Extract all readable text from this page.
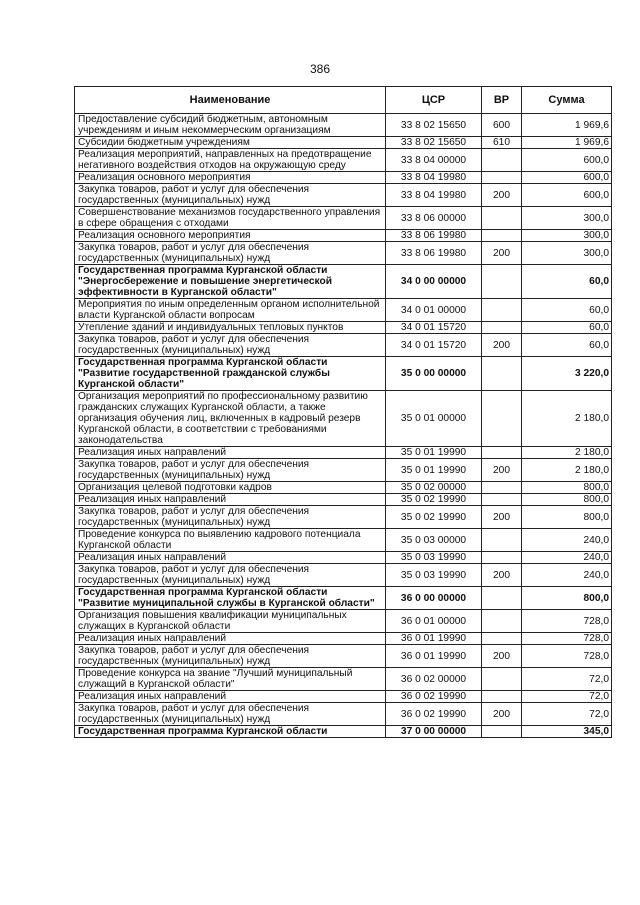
386
Наименование	ЦСР	ВР	Сумма
Предоставление субсидий бюджетным, автономным учреждениям и иным некоммерческим организациям	33 8 02 15650	600	1 969,6
Субсидии бюджетным учреждениям	33 8 02 15650	610	1 969,6
Реализация мероприятий, направленных на предотвращение негативного воздействия отходов на окружающую среду	33 8 04 00000		600,0
Реализация основного мероприятия	33 8 04 19980		600,0
Закупка товаров, работ и услуг для обеспечения государственных (муниципальных) нужд	33 8 04 19980	200	600,0
Совершенствование механизмов государственного управления в сфере обращения с отходами	33 8 06 00000		300,0
Реализация основного мероприятия	33 8 06 19980		300,0
Закупка товаров, работ и услуг для обеспечения государственных (муниципальных) нужд	33 8 06 19980	200	300,0
Государственная программа Курганской области "Энергосбережение и повышение энергетической эффективности в Курганской области"	34 0 00 00000		60,0
Мероприятия по иным определенным органом исполнительной власти Курганской области вопросам	34 0 01 00000		60,0
Утепление зданий и индивидуальных тепловых пунктов	34 0 01 15720		60,0
Закупка товаров, работ и услуг для обеспечения государственных (муниципальных) нужд	34 0 01 15720	200	60,0
Государственная программа Курганской области "Развитие государственной гражданской службы Курганской области"	35 0 00 00000		3 220,0
Организация мероприятий по профессиональному развитию гражданских служащих Курганской области, а также организация обучения лиц, включенных в кадровый резерв Курганской области, в соответствии с требованиями законодательства	35 0 01 00000		2 180,0
Реализация иных направлений	35 0 01 19990		2 180,0
Закупка товаров, работ и услуг для обеспечения государственных (муниципальных) нужд	35 0 01 19990	200	2 180,0
Организация целевой подготовки кадров	35 0 02 00000		800,0
Реализация иных направлений	35 0 02 19990		800,0
Закупка товаров, работ и услуг для обеспечения государственных (муниципальных) нужд	35 0 02 19990	200	800,0
Проведение конкурса по выявлению кадрового потенциала Курганской области	35 0 03 00000		240,0
Реализация иных направлений	35 0 03 19990		240,0
Закупка товаров, работ и услуг для обеспечения государственных (муниципальных) нужд	35 0 03 19990	200	240,0
Государственная программа Курганской области "Развитие муниципальной службы в Курганской области"	36 0 00 00000		800,0
Организация повышения квалификации муниципальных служащих в Курганской области	36 0 01 00000		728,0
Реализация иных направлений	36 0 01 19990		728,0
Закупка товаров, работ и услуг для обеспечения государственных (муниципальных) нужд	36 0 01 19990	200	728,0
Проведение конкурса на звание "Лучший муниципальный служащий в Курганской области"	36 0 02 00000		72,0
Реализация иных направлений	36 0 02 19990		72,0
Закупка товаров, работ и услуг для обеспечения государственных (муниципальных) нужд	36 0 02 19990	200	72,0
Государственная программа Курганской области	37 0 00 00000		345,0
